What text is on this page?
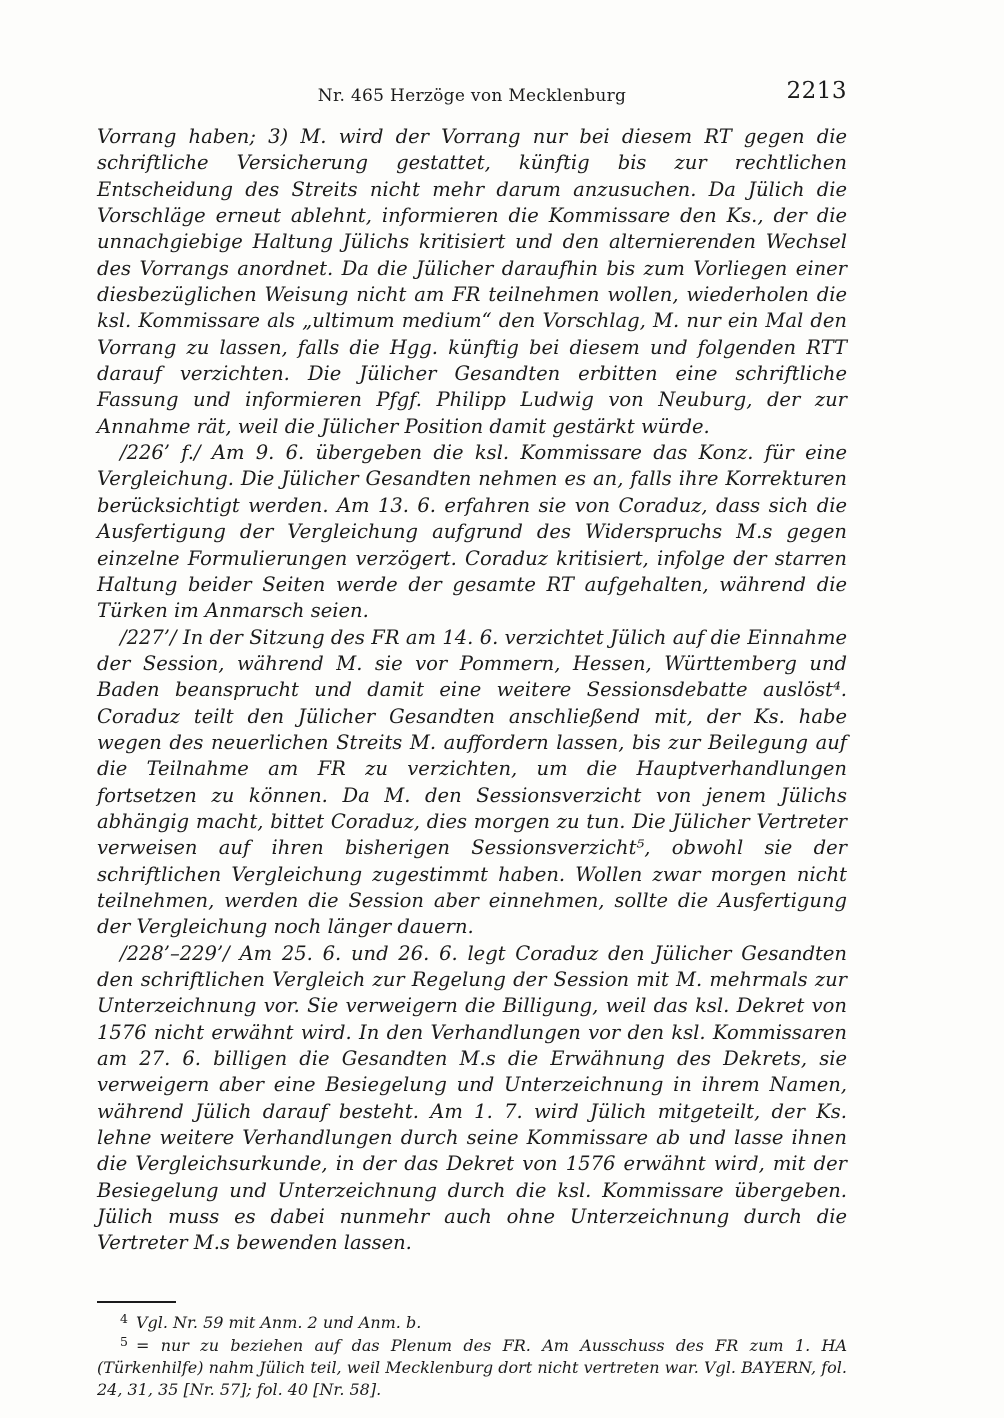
Nr. 465 Herzöge von Mecklenburg	2213

Vorrang haben; 3) M. wird der Vorrang nur bei diesem RT gegen die schriftliche Versicherung gestattet, künftig bis zur rechtlichen Entscheidung des Streits nicht mehr darum anzusuchen. Da Jülich die Vorschläge erneut ablehnt, informieren die Kommissare den Ks., der die unnachgiebige Haltung Jülichs kritisiert und den alternierenden Wechsel des Vorrangs anordnet. Da die Jülicher daraufhin bis zum Vorliegen einer diesbezüglichen Weisung nicht am FR teilnehmen wollen, wiederholen die ksl. Kommissare als „ultimum medium“ den Vorschlag, M. nur ein Mal den Vorrang zu lassen, falls die Hgg. künftig bei diesem und folgenden RTT darauf verzichten. Die Jülicher Gesandten erbitten eine schriftliche Fassung und informieren Pfgf. Philipp Ludwig von Neuburg, der zur Annahme rät, weil die Jülicher Position damit gestärkt würde.

/226’ f./ Am 9. 6. übergeben die ksl. Kommissare das Konz. für eine Vergleichung. Die Jülicher Gesandten nehmen es an, falls ihre Korrekturen berücksichtigt werden. Am 13. 6. erfahren sie von Coraduz, dass sich die Ausfertigung der Vergleichung aufgrund des Widerspruchs M.s gegen einzelne Formulierungen verzögert. Coraduz kritisiert, infolge der starren Haltung beider Seiten werde der gesamte RT aufgehalten, während die Türken im Anmarsch seien.

/227’/ In der Sitzung des FR am 14. 6. verzichtet Jülich auf die Einnahme der Session, während M. sie vor Pommern, Hessen, Württemberg und Baden beansprucht und damit eine weitere Sessionsdebatte auslöst⁴. Coraduz teilt den Jülicher Gesandten anschließend mit, der Ks. habe wegen des neuerlichen Streits M. auffordern lassen, bis zur Beilegung auf die Teilnahme am FR zu verzichten, um die Hauptverhandlungen fortsetzen zu können. Da M. den Sessionsverzicht von jenem Jülichs abhängig macht, bittet Coraduz, dies morgen zu tun. Die Jülicher Vertreter verweisen auf ihren bisherigen Sessionsverzicht⁵, obwohl sie der schriftlichen Vergleichung zugestimmt haben. Wollen zwar morgen nicht teilnehmen, werden die Session aber einnehmen, sollte die Ausfertigung der Vergleichung noch länger dauern.

/228’–229’/ Am 25. 6. und 26. 6. legt Coraduz den Jülicher Gesandten den schriftlichen Vergleich zur Regelung der Session mit M. mehrmals zur Unterzeichnung vor. Sie verweigern die Billigung, weil das ksl. Dekret von 1576 nicht erwähnt wird. In den Verhandlungen vor den ksl. Kommissaren am 27. 6. billigen die Gesandten M.s die Erwähnung des Dekrets, sie verweigern aber eine Besiegelung und Unterzeichnung in ihrem Namen, während Jülich darauf besteht. Am 1. 7. wird Jülich mitgeteilt, der Ks. lehne weitere Verhandlungen durch seine Kommissare ab und lasse ihnen die Vergleichsurkunde, in der das Dekret von 1576 erwähnt wird, mit der Besiegelung und Unterzeichnung durch die ksl. Kommissare übergeben. Jülich muss es dabei nunmehr auch ohne Unterzeichnung durch die Vertreter M.s bewenden lassen.

$^4$ Vgl. Nr. 59 mit Anm. 2 und Anm. b.

$^5$ = nur zu beziehen auf das Plenum des FR. Am Ausschuss des FR zum 1. HA (Türkenhilfe) nahm Jülich teil, weil Mecklenburg dort nicht vertreten war. Vgl. BAYERN, fol. 24, 31, 35 [Nr. 57]; fol. 40 [Nr. 58].
